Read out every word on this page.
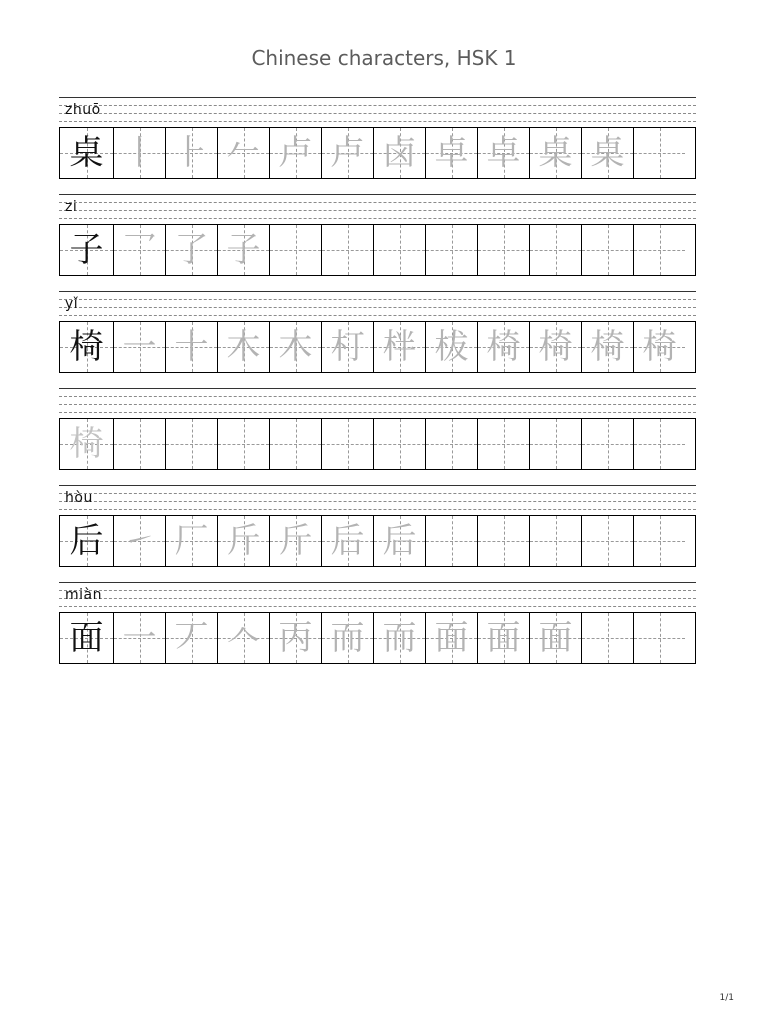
Chinese characters, HSK 1
zhuō
桌 丨 ⺊ 𠂉 卢 卢 卤 卓 卓 桌 桌
zi
子 乛 了 子
yǐ
椅 一 十 木 木 朾 柈 柭 椅 椅 椅 椅
椅
hòu
后 ㇀ 厂 斤 斤 后 后
miàn
面 一 丆 𠆢 丙 而 而 面 面 面
1/1
